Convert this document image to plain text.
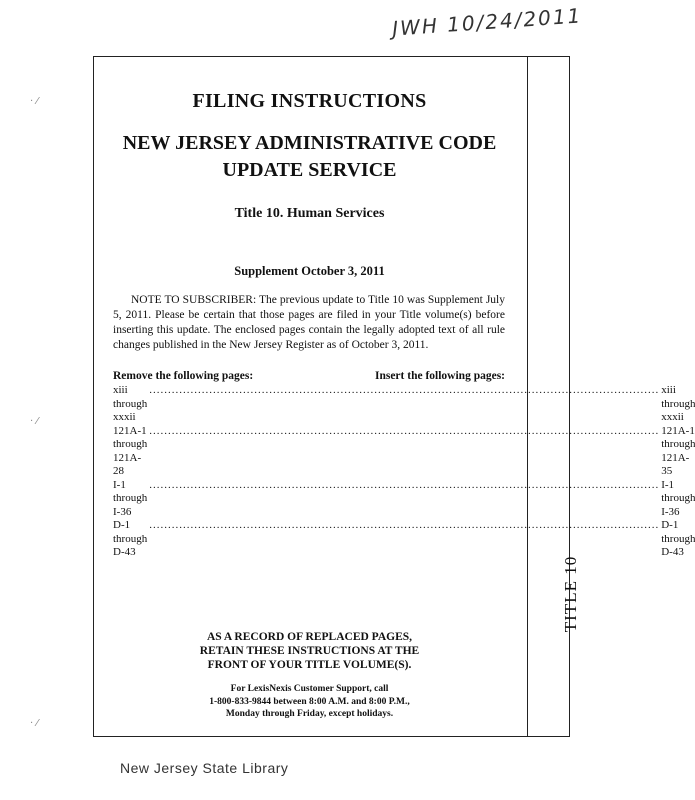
JWH 10/24/2011
· ⁄
· ⁄
· ⁄
TITLE 10
FILING INSTRUCTIONS
NEW JERSEY ADMINISTRATIVE CODE UPDATE SERVICE
Title 10. Human Services
Supplement October 3, 2011
NOTE TO SUBSCRIBER: The previous update to Title 10 was Supplement July 5, 2011. Please be certain that those pages are filed in your Title volume(s) before inserting this update. The enclosed pages contain the legally adopted text of all rule changes published in the New Jersey Register as of October 3, 2011.
Remove the following pages:	Insert the following pages:
xiii through xxxii
........................................................................................................................................ xiii through xxxii
121A-1 through 121A-28
........................................................................................................................................ 121A-1 through 121A-35
I-1 through I-36
........................................................................................................................................ I-1 through I-36
D-1 through D-43
........................................................................................................................................ D-1 through D-43
AS A RECORD OF REPLACED PAGES,
RETAIN THESE INSTRUCTIONS AT THE
FRONT OF YOUR TITLE VOLUME(S).
For LexisNexis Customer Support, call
1-800-833-9844 between 8:00 A.M. and 8:00 P.M.,
Monday through Friday, except holidays.
New Jersey State Library
